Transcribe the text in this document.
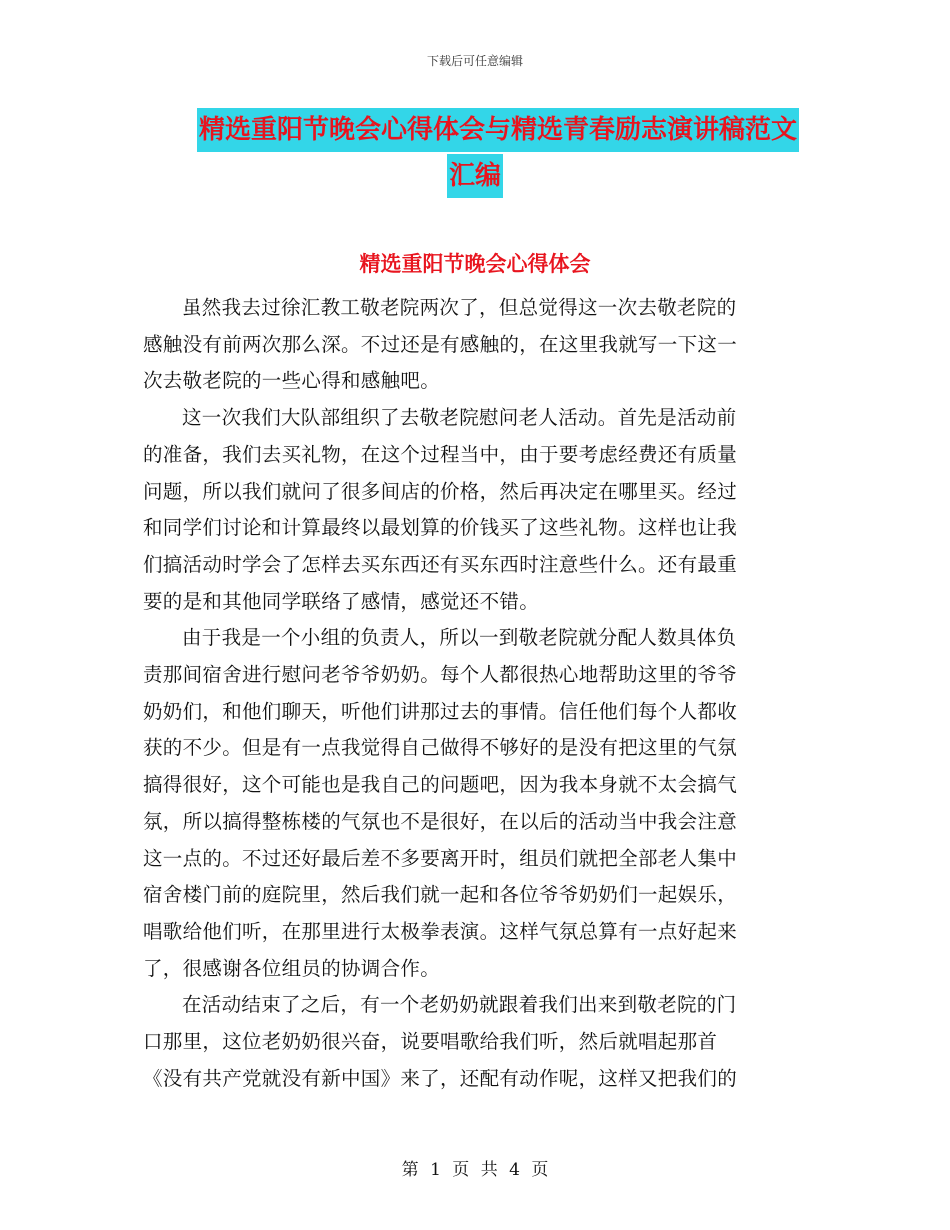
下载后可任意编辑
精选重阳节晚会心得体会与精选青春励志演讲稿范文
汇编
精选重阳节晚会心得体会

虽然我去过徐汇教工敬老院两次了，但总觉得这一次去敬老院的
感触没有前两次那么深。不过还是有感触的，在这里我就写一下这一
次去敬老院的一些心得和感触吧。

这一次我们大队部组织了去敬老院慰问老人活动。首先是活动前
的准备，我们去买礼物，在这个过程当中，由于要考虑经费还有质量
问题，所以我们就问了很多间店的价格，然后再决定在哪里买。经过
和同学们讨论和计算最终以最划算的价钱买了这些礼物。这样也让我
们搞活动时学会了怎样去买东西还有买东西时注意些什么。还有最重
要的是和其他同学联络了感情，感觉还不错。

由于我是一个小组的负责人，所以一到敬老院就分配人数具体负
责那间宿舍进行慰问老爷爷奶奶。每个人都很热心地帮助这里的爷爷
奶奶们，和他们聊天，听他们讲那过去的事情。信任他们每个人都收
获的不少。但是有一点我觉得自己做得不够好的是没有把这里的气氛
搞得很好，这个可能也是我自己的问题吧，因为我本身就不太会搞气
氛，所以搞得整栋楼的气氛也不是很好，在以后的活动当中我会注意
这一点的。不过还好最后差不多要离开时，组员们就把全部老人集中
宿舍楼门前的庭院里，然后我们就一起和各位爷爷奶奶们一起娱乐，
唱歌给他们听，在那里进行太极拳表演。这样气氛总算有一点好起来
了，很感谢各位组员的协调合作。

在活动结束了之后，有一个老奶奶就跟着我们出来到敬老院的门
口那里，这位老奶奶很兴奋，说要唱歌给我们听，然后就唱起那首
《没有共产党就没有新中国》来了，还配有动作呢，这样又把我们的

第 1 页 共 4 页
